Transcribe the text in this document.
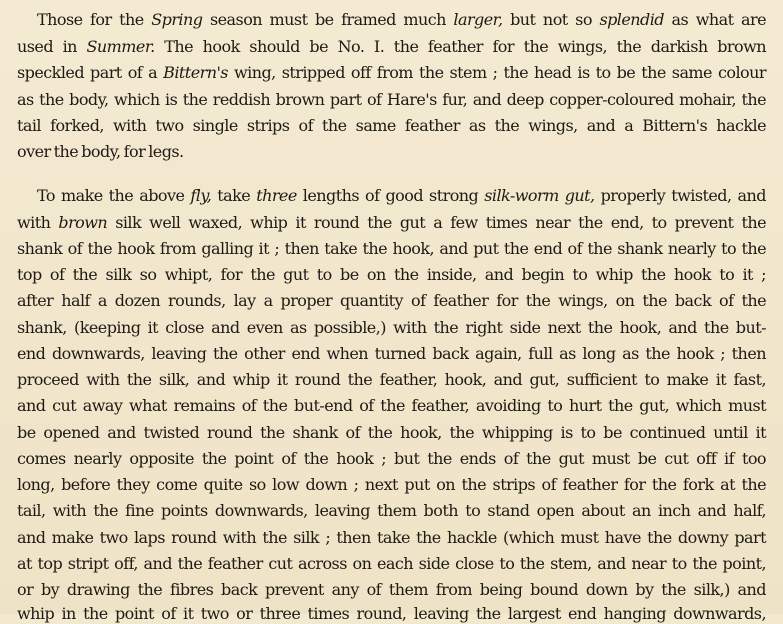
Those for the Spring season must be framed much larger, but not so splendid as what are
used in Summer. The hook should be No. I. the feather for the wings, the darkish brown
speckled part of a Bittern's wing, stripped off from the stem ; the head is to be the same colour
as the body, which is the reddish brown part of Hare's fur, and deep copper-coloured mohair, the
tail forked, with two single strips of the same feather as the wings, and a Bittern's hackle
over the body, for legs.
To make the above fly, take three lengths of good strong silk-worm gut, properly twisted, and
with brown silk well waxed, whip it round the gut a few times near the end, to prevent the
shank of the hook from galling it ; then take the hook, and put the end of the shank nearly to the
top of the silk so whipt, for the gut to be on the inside, and begin to whip the hook to it ;
after half a dozen rounds, lay a proper quantity of feather for the wings, on the back of the
shank, (keeping it close and even as possible,) with the right side next the hook, and the but-
end downwards, leaving the other end when turned back again, full as long as the hook ; then
proceed with the silk, and whip it round the feather, hook, and gut, sufficient to make it fast,
and cut away what remains of the but-end of the feather, avoiding to hurt the gut, which must
be opened and twisted round the shank of the hook, the whipping is to be continued until it
comes nearly opposite the point of the hook ; but the ends of the gut must be cut off if too
long, before they come quite so low down ; next put on the strips of feather for the fork at the
tail, with the fine points downwards, leaving them both to stand open about an inch and half,
and make two laps round with the silk ; then take the hackle (which must have the downy part
at top stript off, and the feather cut across on each side close to the stem, and near to the point,
or by drawing the fibres back prevent any of them from being bound down by the silk,) and
whip in the point of it two or three times round, leaving the largest end hanging downwards,
